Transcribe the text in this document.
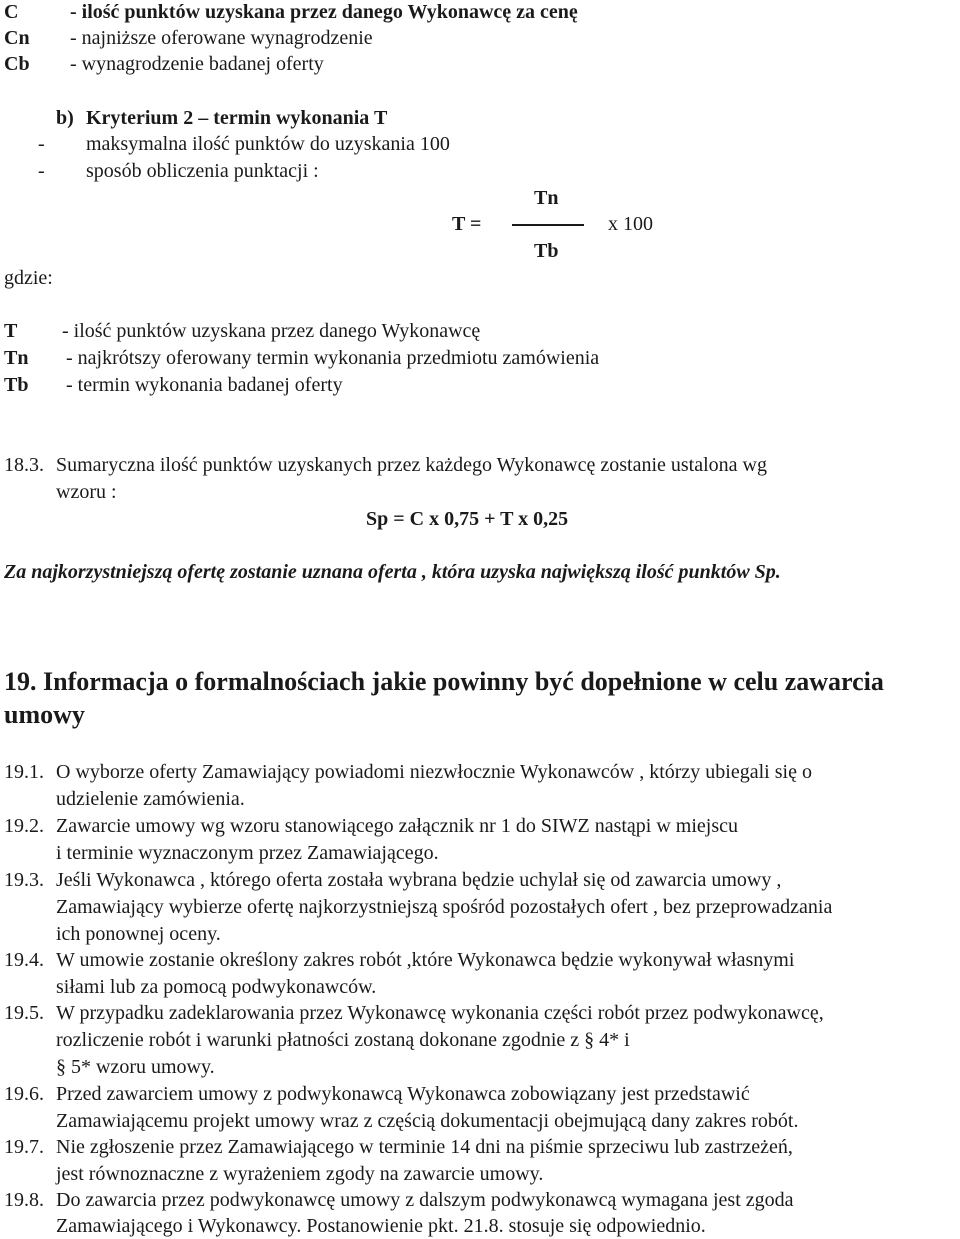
C	- ilość punktów uzyskana przez danego Wykonawcę za cenę
Cn - najniższe oferowane wynagrodzenie
Cb - wynagrodzenie badanej oferty
b) Kryterium 2 – termin wykonania T
- maksymalna ilość punktów do uzyskania 100
- sposób obliczenia punktacji :
Tn
T =	x 100
Tb
gdzie:
T - ilość punktów uzyskana przez danego Wykonawcę
Tn - najkrótszy oferowany termin wykonania przedmiotu zamówienia
Tb - termin wykonania badanej oferty
18.3. Sumaryczna ilość punktów uzyskanych przez każdego Wykonawcę zostanie ustalona wg
wzoru :
Sp = C x 0,75 + T x 0,25
Za najkorzystniejszą ofertę zostanie uznana oferta , która uzyska największą ilość punktów Sp.
19. Informacja o formalnościach jakie powinny być dopełnione w celu zawarcia
umowy
19.1. O wyborze oferty Zamawiający powiadomi niezwłocznie Wykonawców , którzy ubiegali się o
udzielenie zamówienia.
19.2. Zawarcie umowy wg wzoru stanowiącego załącznik nr 1 do SIWZ nastąpi w miejscu
i terminie wyznaczonym przez Zamawiającego.
19.3. Jeśli Wykonawca , którego oferta została wybrana będzie uchylał się od zawarcia umowy ,
Zamawiający wybierze ofertę najkorzystniejszą spośród pozostałych ofert , bez przeprowadzania
ich ponownej oceny.
19.4. W umowie zostanie określony zakres robót ,które Wykonawca będzie wykonywał własnymi
siłami lub za pomocą podwykonawców.
19.5. W przypadku zadeklarowania przez Wykonawcę wykonania części robót przez podwykonawcę,
rozliczenie robót i warunki płatności zostaną dokonane zgodnie z § 4* i
§ 5* wzoru umowy.
19.6. Przed zawarciem umowy z podwykonawcą Wykonawca zobowiązany jest przedstawić
Zamawiającemu projekt umowy wraz z częścią dokumentacji obejmującą dany zakres robót.
19.7. Nie zgłoszenie przez Zamawiającego w terminie 14 dni na piśmie sprzeciwu lub zastrzeżeń,
jest równoznaczne z wyrażeniem zgody na zawarcie umowy.
19.8. Do zawarcia przez podwykonawcę umowy z dalszym podwykonawcą wymagana jest zgoda
Zamawiającego i Wykonawcy. Postanowienie pkt. 21.8. stosuje się odpowiednio.
